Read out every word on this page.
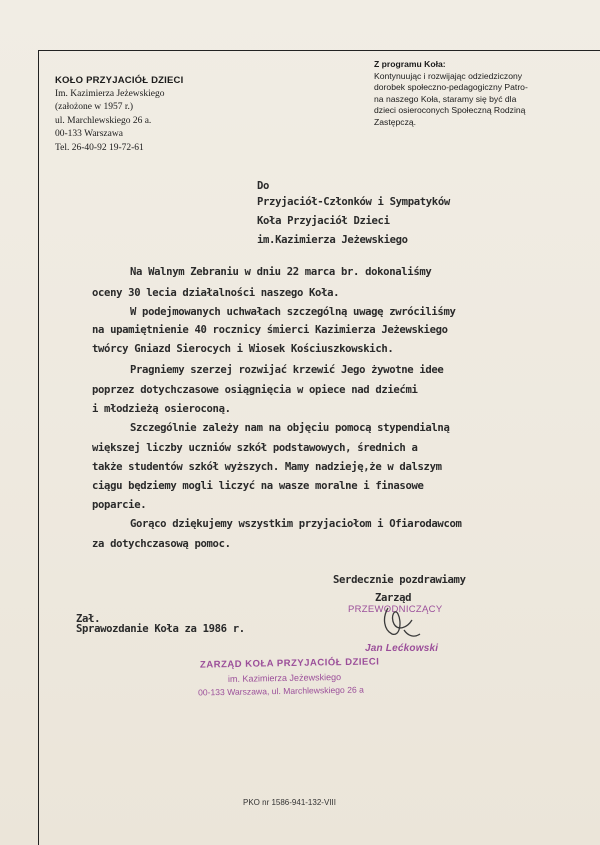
KOŁO PRZYJACIÓŁ DZIECI
Im. Kazimierza Jeżewskiego
(założone w 1957 r.)
ul. Marchlewskiego 26 a.
00-133 Warszawa
Tel. 26-40-92 19-72-61
Z programu Koła:
Kontynuując i rozwijając odziedziczony
dorobek społeczno-pedagogiczny Patro-
na naszego Koła, staramy się być dla
dzieci osieroconych Społeczną Rodziną
Zastępczą.
Do
Przyjaciół-Członków i Sympatyków
Koła Przyjaciół Dzieci
im.Kazimierza Jeżewskiego
Na Walnym Zebraniu w dniu 22 marca br. dokonaliśmy
oceny 30 lecia działalności naszego Koła.
W podejmowanych uchwałach szczególną uwagę zwróciliśmy
na upamiętnienie 40 rocznicy śmierci Kazimierza Jeżewskiego
twórcy Gniazd Sierocych i Wiosek Kościuszkowskich.
Pragniemy szerzej rozwijać krzewić Jego żywotne idee
poprzez dotychczasowe osiągnięcia w opiece nad dziećmi
i młodzieżą osieroconą.
Szczególnie zależy nam na objęciu pomocą stypendialną
większej liczby uczniów szkół podstawowych, średnich a
także studentów szkół wyższych. Mamy nadzieję,że w dalszym
ciągu będziemy mogli liczyć na wasze moralne i finasowe
poparcie.
Gorąco dziękujemy wszystkim przyjaciołom i Ofiarodawcom
za dotychczasową pomoc.
Serdecznie pozdrawiamy
Zarząd
PRZEWODNICZĄCY
Jan Lećkowski
Zał.
Sprawozdanie Koła za 1986 r.
ZARZĄD KOŁA PRZYJACIÓŁ DZIECI
im. Kazimierza Jeżewskiego
00-133 Warszawa, ul. Marchlewskiego 26 a
PKO nr 1586-941-132-VIII
